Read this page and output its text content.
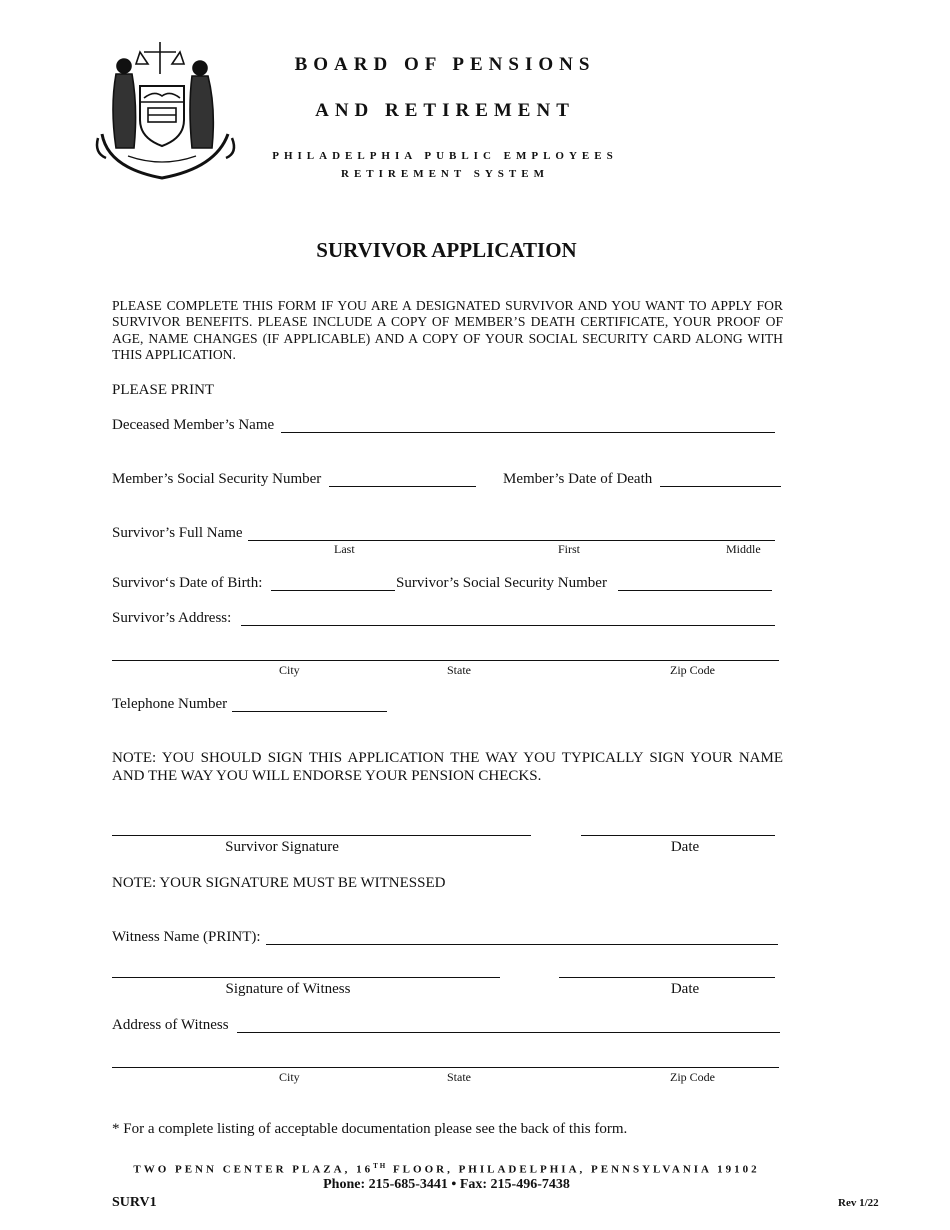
BOARD OF PENSIONS
AND RETIREMENT
PHILADELPHIA PUBLIC EMPLOYEES
RETIREMENT SYSTEM
SURVIVOR APPLICATION
PLEASE COMPLETE THIS FORM IF YOU ARE A DESIGNATED SURVIVOR AND YOU WANT TO APPLY FOR SURVIVOR BENEFITS. PLEASE INCLUDE A COPY OF MEMBER’S DEATH CERTIFICATE, YOUR PROOF OF AGE, NAME CHANGES (IF APPLICABLE) AND A COPY OF YOUR SOCIAL SECURITY CARD ALONG WITH THIS APPLICATION.
PLEASE PRINT
Deceased Member’s Name
Member’s Social Security Number	Member’s Date of Death
Survivor’s Full Name
Last	First	Middle
Survivor‘s Date of Birth:	Survivor’s Social Security Number
Survivor’s Address:
City	State	Zip Code
Telephone Number
NOTE: YOU SHOULD SIGN THIS APPLICATION THE WAY YOU TYPICALLY SIGN YOUR NAME AND THE WAY YOU WILL ENDORSE YOUR PENSION CHECKS.
Survivor Signature	Date
NOTE: YOUR SIGNATURE MUST BE WITNESSED
Witness Name (PRINT):
Signature of Witness	Date
Address of Witness
City	State	Zip Code
* For a complete listing of acceptable documentation please see the back of this form.
TWO PENN CENTER PLAZA, 16TH FLOOR, PHILADELPHIA, PENNSYLVANIA 19102
Phone: 215-685-3441 • Fax: 215-496-7438
SURV1	Rev 1/22
